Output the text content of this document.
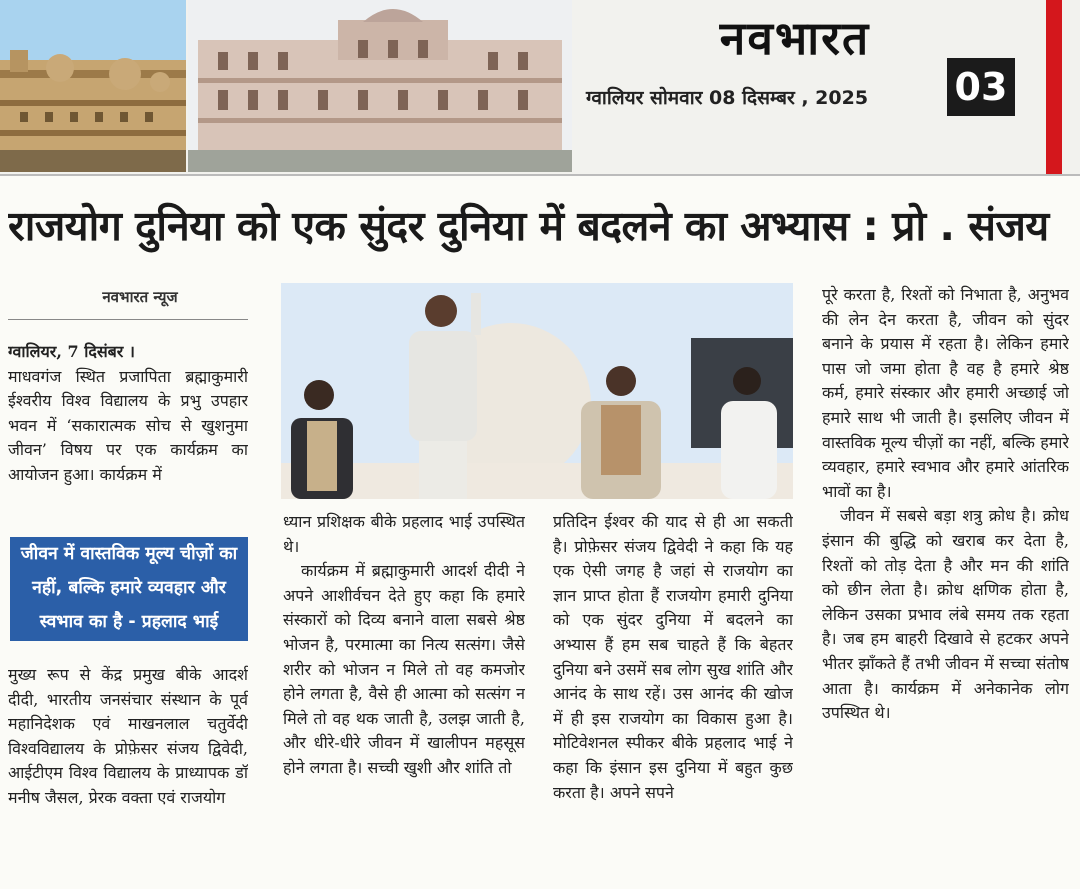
नवभारत
ग्वालियर सोमवार 08 दिसम्बर , 2025	03
राजयोग दुनिया को एक सुंदर दुनिया में बदलने का अभ्यास : प्रो . संजय
नवभारत न्यूज

ग्वालियर, 7 दिसंबर ।

माधवगंज स्थित प्रजापिता ब्रह्माकुमारी ईश्वरीय विश्व विद्यालय के प्रभु उपहार भवन में ‘सकारात्मक सोच से खुशनुमा जीवन’ विषय पर एक कार्यक्रम का आयोजन हुआ। कार्यक्रम में

जीवन में वास्तविक मूल्य चीज़ों का नहीं, बल्कि हमारे व्यवहार और स्वभाव का है - प्रहलाद भाई

मुख्य रूप से केंद्र प्रमुख बीके आदर्श दीदी, भारतीय जनसंचार संस्थान के पूर्व महानिदेशक एवं माखनलाल चतुर्वेदी विश्वविद्यालय के प्रोफ़ेसर संजय द्विवेदी, आईटीएम विश्व विद्यालय के प्राध्यापक डॉ मनीष जैसल, प्रेरक वक्ता एवं राजयोग

ध्यान प्रशिक्षक बीके प्रहलाद भाई उपस्थित थे।

कार्यक्रम में ब्रह्माकुमारी आदर्श दीदी ने अपने आशीर्वचन देते हुए कहा कि हमारे संस्कारों को दिव्य बनाने वाला सबसे श्रेष्ठ भोजन है, परमात्मा का नित्य सत्संग। जैसे शरीर को भोजन न मिले तो वह कमजोर होने लगता है, वैसे ही आत्मा को सत्संग न मिले तो वह थक जाती है, उलझ जाती है, और धीरे-धीरे जीवन में खालीपन महसूस होने लगता है। सच्ची खुशी और शांति तो

प्रतिदिन ईश्वर की याद से ही आ सकती है। प्रोफ़ेसर संजय द्विवेदी ने कहा कि यह एक ऐसी जगह है जहां से राजयोग का ज्ञान प्राप्त होता हैं राजयोग हमारी दुनिया को एक सुंदर दुनिया में बदलने का अभ्यास हैं हम सब चाहते हैं कि बेहतर दुनिया बने उसमें सब लोग सुख शांति और आनंद के साथ रहें। उस आनंद की खोज में ही इस राजयोग का विकास हुआ है। मोटिवेशनल स्पीकर बीके प्रहलाद भाई ने कहा कि इंसान इस दुनिया में बहुत कुछ करता है। अपने सपने

पूरे करता है, रिश्तों को निभाता है, अनुभव की लेन देन करता है, जीवन को सुंदर बनाने के प्रयास में रहता है। लेकिन हमारे पास जो जमा होता है वह है हमारे श्रेष्ठ कर्म, हमारे संस्कार और हमारी अच्छाई जो हमारे साथ भी जाती है। इसलिए जीवन में वास्तविक मूल्य चीज़ों का नहीं, बल्कि हमारे व्यवहार, हमारे स्वभाव और हमारे आंतरिक भावों का है।

जीवन में सबसे बड़ा शत्रु क्रोध है। क्रोध इंसान की बुद्धि को खराब कर देता है, रिश्तों को तोड़ देता है और मन की शांति को छीन लेता है। क्रोध क्षणिक होता है, लेकिन उसका प्रभाव लंबे समय तक रहता है। जब हम बाहरी दिखावे से हटकर अपने भीतर झाँकते हैं तभी जीवन में सच्चा संतोष आता है। कार्यक्रम में अनेकानेक लोग उपस्थित थे।
